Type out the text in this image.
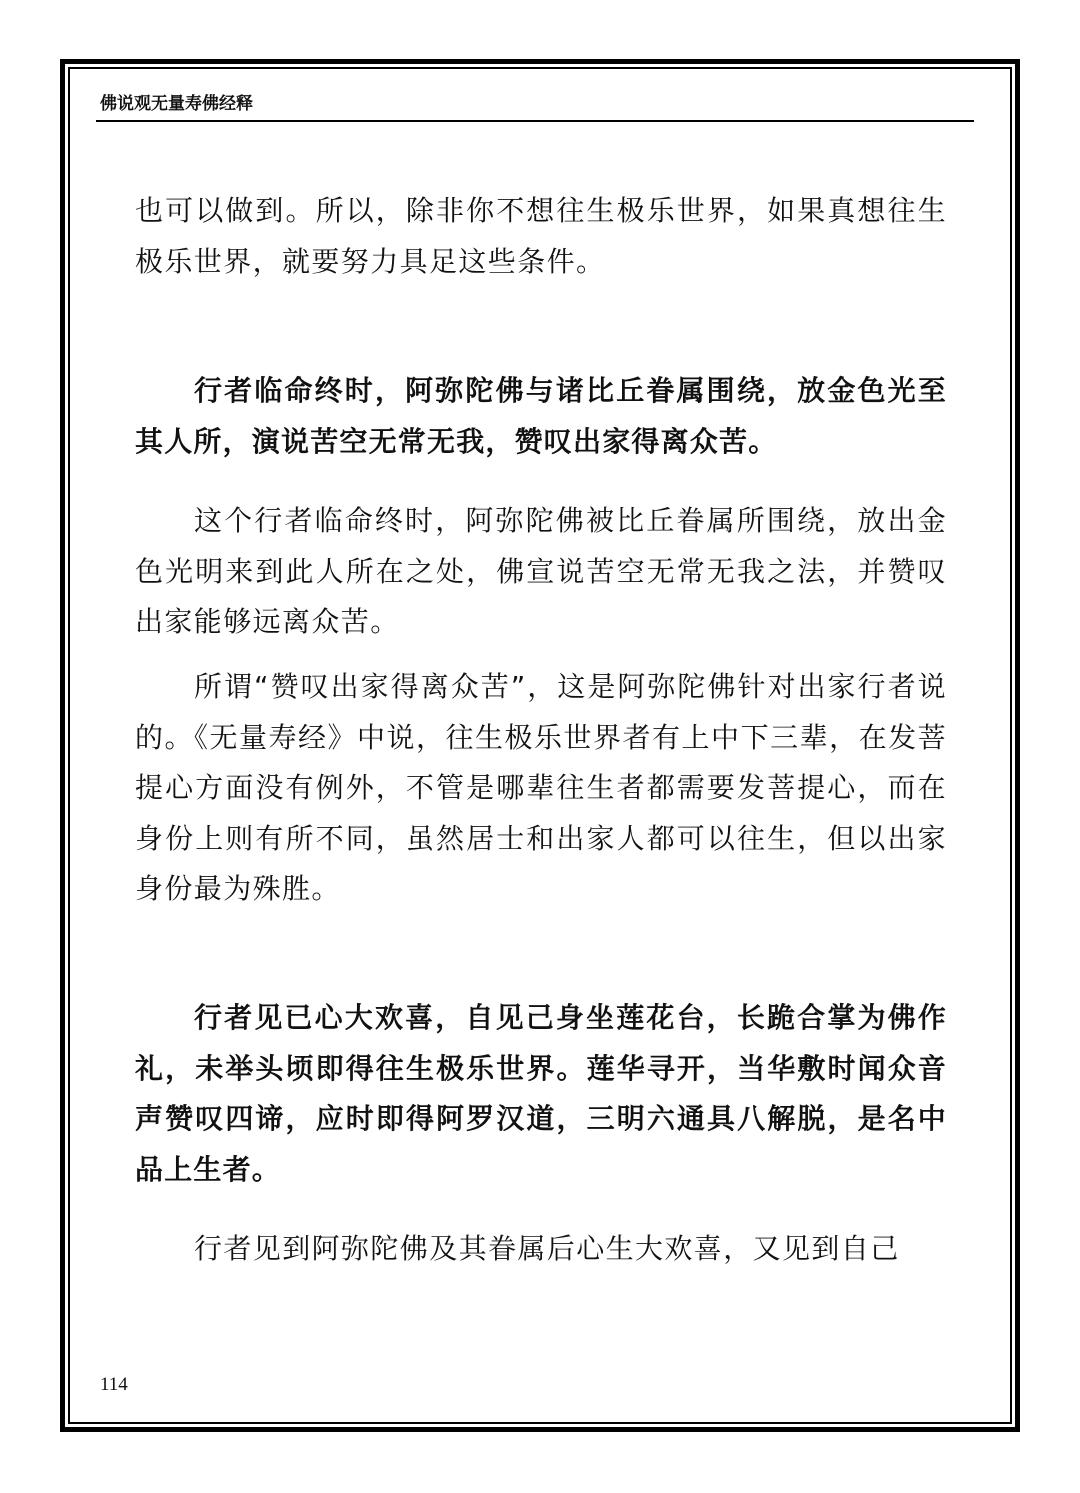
佛说观无量寿佛经释

也可以做到。所以，除非你不想往生极乐世界，如果真想往生极乐世界，就要努力具足这些条件。

行者临命终时，阿弥陀佛与诸比丘眷属围绕，放金色光至其人所，演说苦空无常无我，赞叹出家得离众苦。

这个行者临命终时，阿弥陀佛被比丘眷属所围绕，放出金色光明来到此人所在之处，佛宣说苦空无常无我之法，并赞叹出家能够远离众苦。

所谓“赞叹出家得离众苦”，这是阿弥陀佛针对出家行者说的。《无量寿经》中说，往生极乐世界者有上中下三辈，在发菩提心方面没有例外，不管是哪辈往生者都需要发菩提心，而在身份上则有所不同，虽然居士和出家人都可以往生，但以出家身份最为殊胜。

行者见已心大欢喜，自见己身坐莲花台，长跪合掌为佛作礼，未举头顷即得往生极乐世界。莲华寻开，当华敷时闻众音声赞叹四谛，应时即得阿罗汉道，三明六通具八解脱，是名中品上生者。

行者见到阿弥陀佛及其眷属后心生大欢喜，又见到自己

114
